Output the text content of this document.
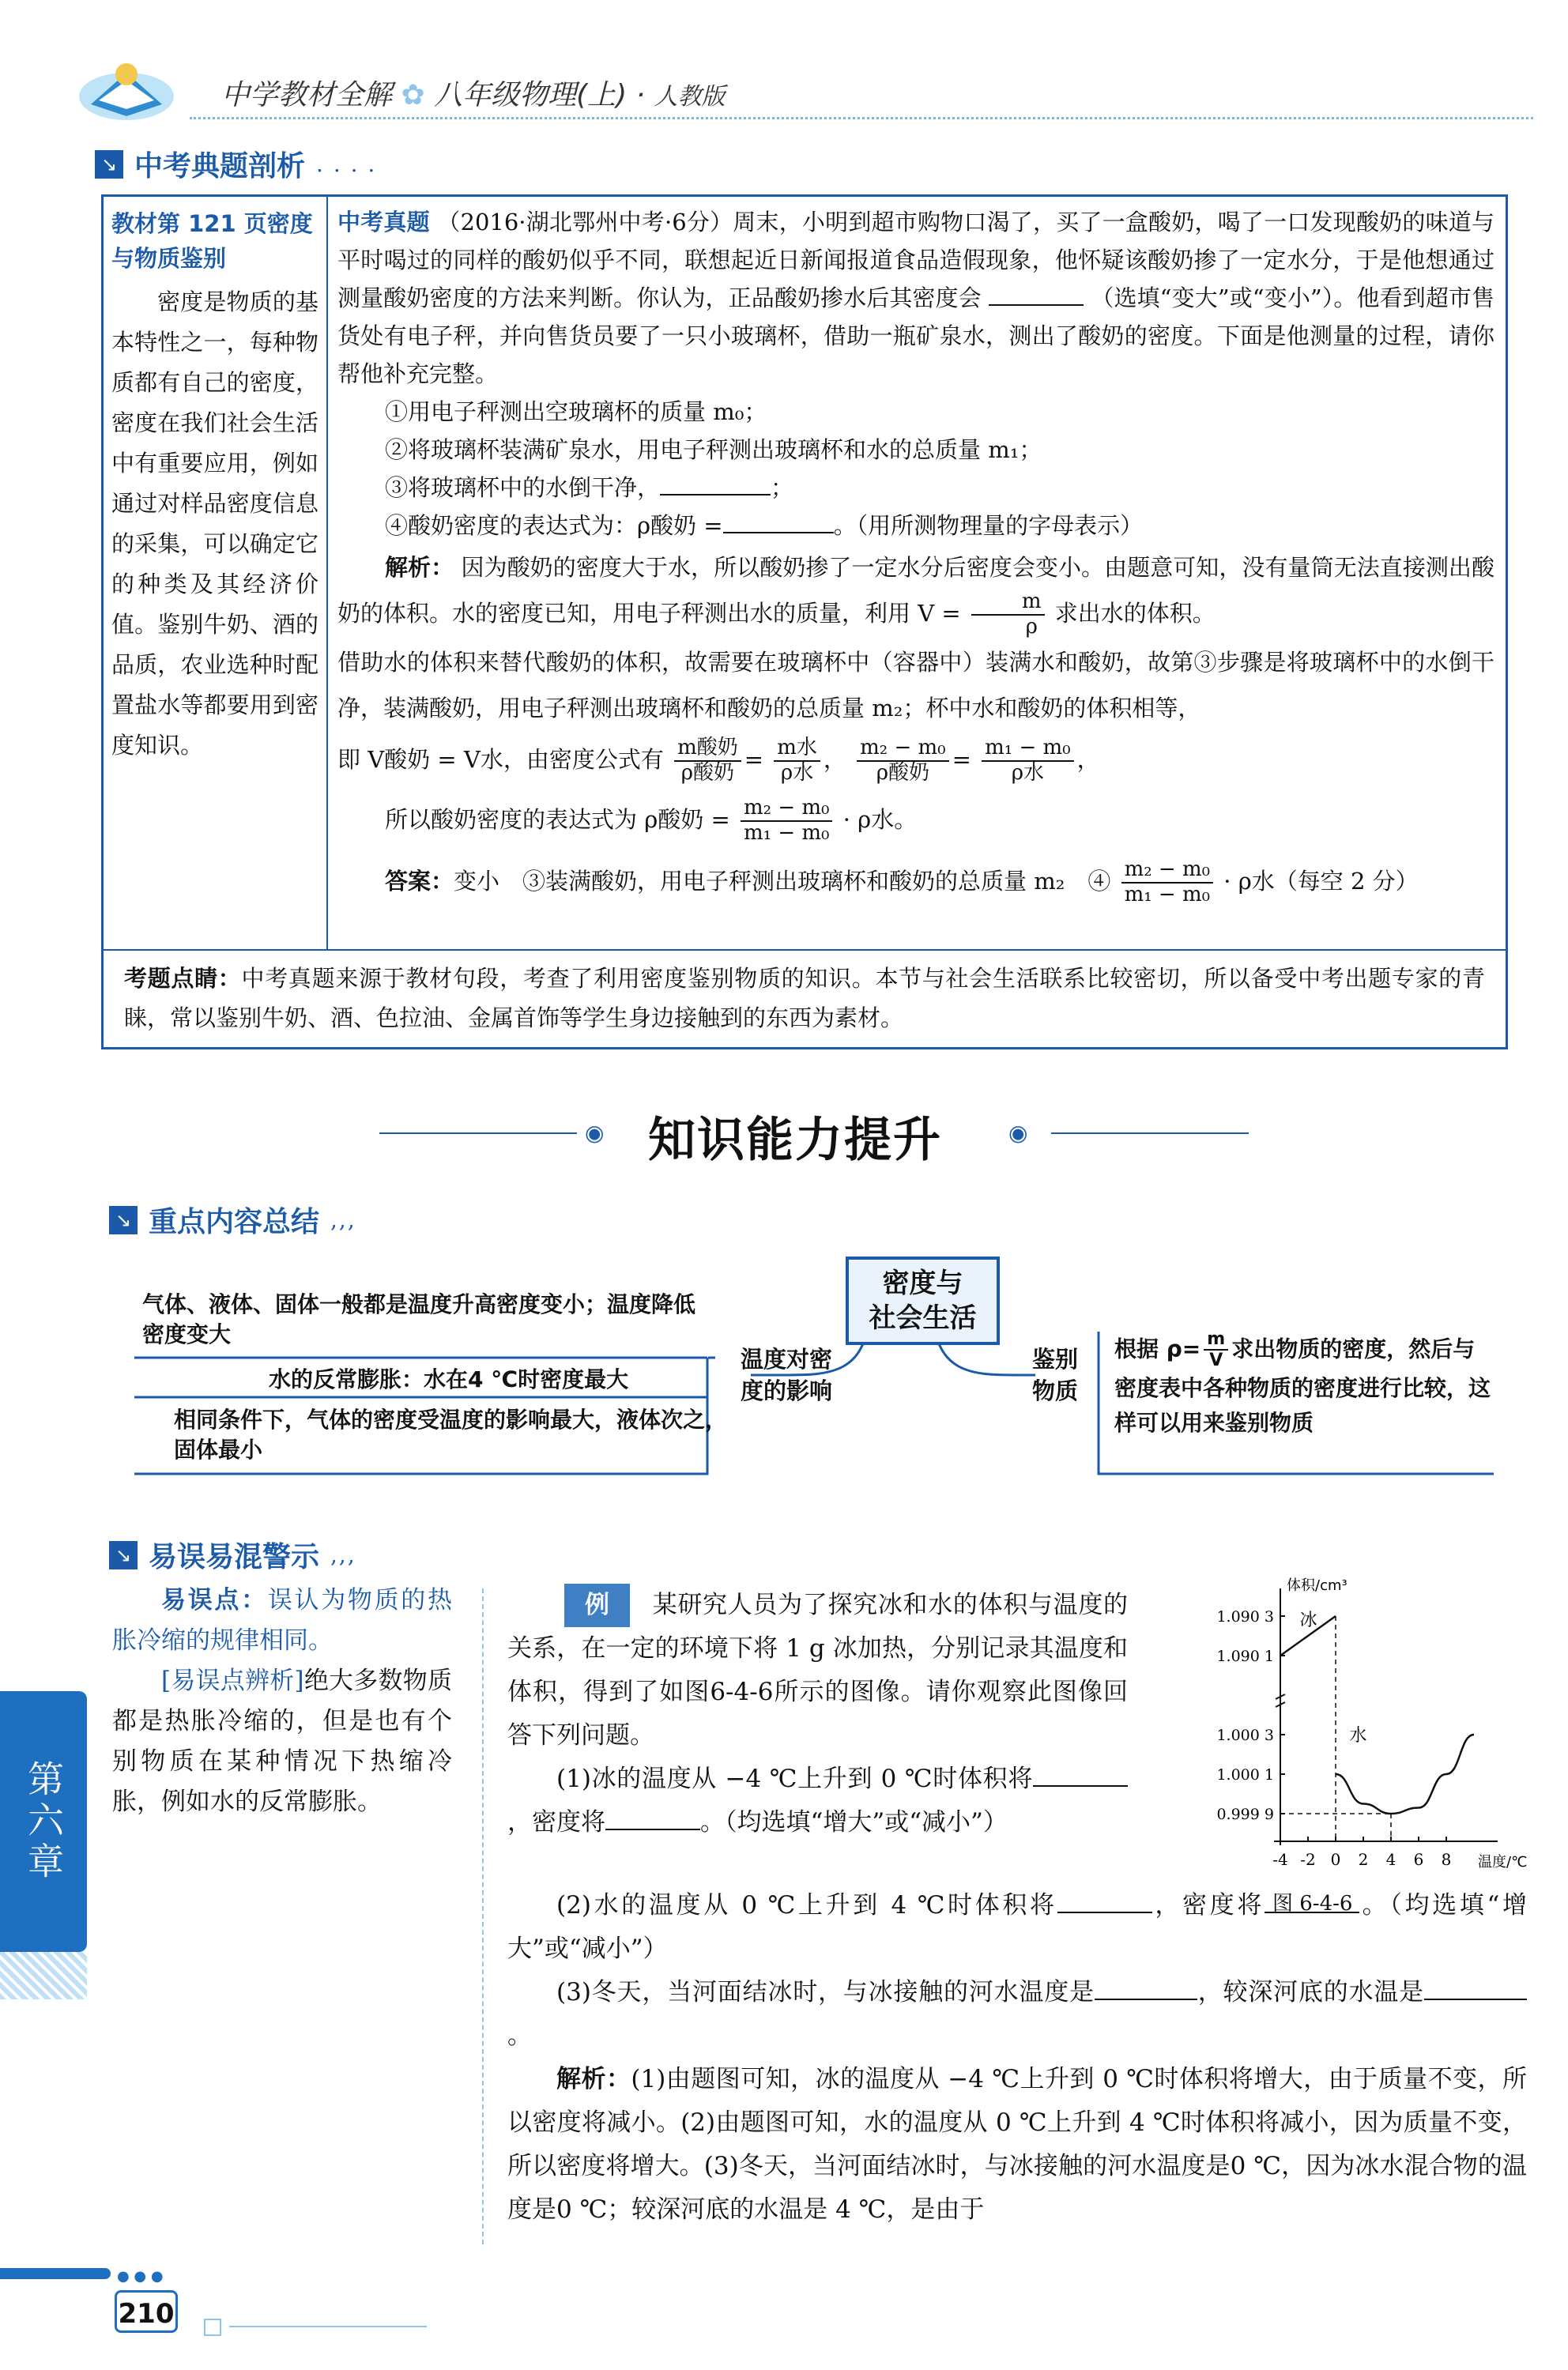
中学教材全解 ✿ 八年级物理(上) · 人教版
↘ 中考典题剖析 . . . .

教材第 121 页密度与物质鉴别

密度是物质的基本特性之一，每种物质都有自己的密度，密度在我们社会生活中有重要应用，例如通过对样品密度信息的采集，可以确定它的种类及其经济价值。鉴别牛奶、酒的品质，农业选种时配置盐水等都要用到密度知识。

中考真题 （2016·湖北鄂州中考·6分）周末，小明到超市购物口渴了，买了一盒酸奶，喝了一口发现酸奶的味道与平时喝过的同样的酸奶似乎不同，联想起近日新闻报道食品造假现象，他怀疑该酸奶掺了一定水分，于是他想通过测量酸奶密度的方法来判断。你认为，正品酸奶掺水后其密度会	（选填“变大”或“变小”）。他看到超市售货处有电子秤，并向售货员要了一只小玻璃杯，借助一瓶矿泉水，测出了酸奶的密度。下面是他测量的过程，请你帮他补充完整。

①用电子秤测出空玻璃杯的质量 m₀；

②将玻璃杯装满矿泉水，用电子秤测出玻璃杯和水的总质量 m₁；

③将玻璃杯中的水倒干净，	；

④酸奶密度的表达式为：ρ酸奶 =	。（用所测物理量的字母表示）

解析： 因为酸奶的密度大于水，所以酸奶掺了一定水分后密度会变小。由题意可知，没有量筒无法直接测出酸奶的体积。水的密度已知，用电子秤测出水的质量，利用 $V = \frac{m}{\rho}$ 求出水的体积。

借助水的体积来替代酸奶的体积，故需要在玻璃杯中（容器中）装满水和酸奶，故第③步骤是将玻璃杯中的水倒干净，装满酸奶，用电子秤测出玻璃杯和酸奶的总质量 m₂；杯中水和酸奶的体积相等，

即 V酸奶 = V水，由密度公式有 $\frac{\text{m酸奶}}{\text{ρ酸奶}} = \frac{\text{m水}}{\text{ρ水}}$ ， $\frac{\text{m₂ − m₀}}{\text{ρ酸奶}} = \frac{\text{m₁ − m₀}}{\text{ρ水}}$ ，

所以酸奶密度的表达式为 ρ酸奶 = $\frac{\text{m₂ − m₀}}{\text{m₁ − m₀}} \cdot \rho$水。

答案：变小　③装满酸奶，用电子秤测出玻璃杯和酸奶的总质量 m₂　④ $\frac{\text{m₂ − m₀}}{\text{m₁ − m₀}} \cdot \rho$水（每空 2 分）

考题点睛：中考真题来源于教材句段，考查了利用密度鉴别物质的知识。本节与社会生活联系比较密切，所以备受中考出题专家的青睐，常以鉴别牛奶、酒、色拉油、金属首饰等学生身边接触到的东西为素材。
◉ 知识能力提升	◉
↘ 重点内容总结 ,,,
密度与
社会生活
温度对密
度的影响
鉴别
物质
气体、液体、固体一般都是温度升高密度变小；温度降低密度变大
水的反常膨胀：水在4 ℃时密度最大
相同条件下，气体的密度受温度的影响最大，液体次之，固体最小
根据 $\rho= \frac{m}{V}$ 求出物质的密度，然后与密度表中各种物质的密度进行比较，这样可以用来鉴别物质
↘ 易误易混警示 ,,,

易误点：误认为物质的热胀冷缩的规律相同。

[易误点辨析]绝大多数物质都是热胀冷缩的，但是也有个别物质在某种情况下热缩冷胀，例如水的反常膨胀。

例 某研究人员为了探究冰和水的体积与温度的关系，在一定的环境下将 1 g 冰加热，分别记录其温度和体积，得到了如图6-4-6所示的图像。请你观察此图像回答下列问题。

(1)冰的温度从 −4 ℃上升到 0 ℃时体积将，密度将	。（均选填“增大”或“减小”）

(2)水的温度从 0 ℃上升到 4 ℃时体积将	，密度将	。（均选填“增大”或“减小”）

(3)冬天，当河面结冰时，与冰接触的河水温度是	，较深河底的水温是。

解析：(1)由题图可知，冰的温度从 −4 ℃上升到 0 ℃时体积将增大，由于质量不变，所以密度将减小。(2)由题图可知，水的温度从 0 ℃上升到 4 ℃时体积将减小，因为质量不变，所以密度将增大。(3)冬天，当河面结冰时，与冰接触的河水温度是0 ℃，因为冰水混合物的温度是0 ℃；较深河底的水温是 4 ℃，是由于

体积/cm³
温度/℃
-4 -2 0 2 4 6 8
1.090 3
1.090 1
1.000 3
1.000 1
0.999 9
冰
水
图 6-4-6
第六章
● ● ●
210
